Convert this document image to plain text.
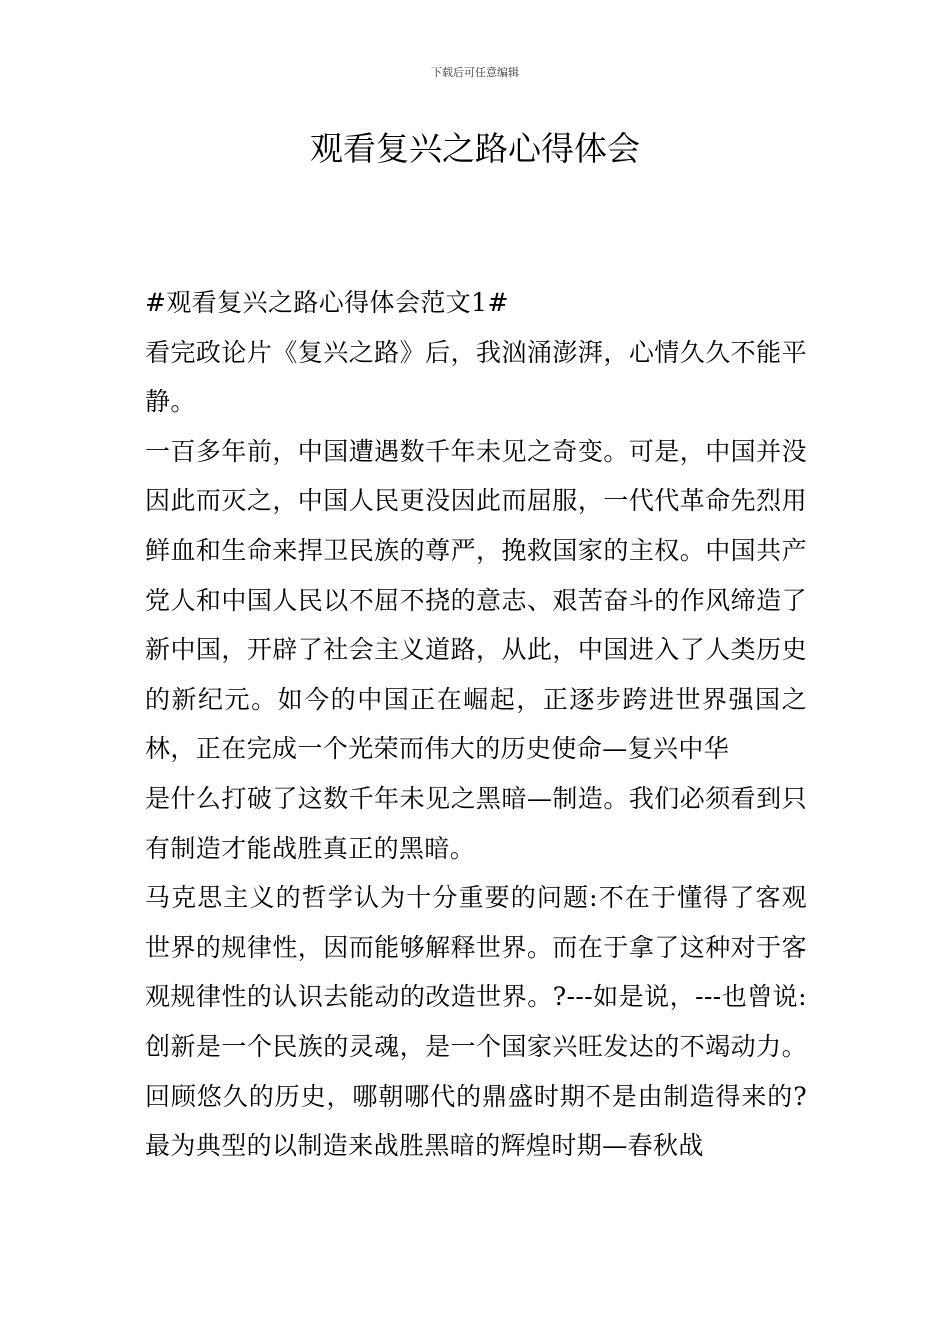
下载后可任意编辑
观看复兴之路心得体会

#观看复兴之路心得体会范文1#

看完政论片《复兴之路》后，我汹涌澎湃，心情久久不能平静。

一百多年前，中国遭遇数千年未见之奇变。可是，中国并没因此而灭之，中国人民更没因此而屈服，一代代革命先烈用鲜血和生命来捍卫民族的尊严，挽救国家的主权。中国共产党人和中国人民以不屈不挠的意志、艰苦奋斗的作风缔造了新中国，开辟了社会主义道路，从此，中国进入了人类历史的新纪元。如今的中国正在崛起，正逐步跨进世界强国之林，正在完成一个光荣而伟大的历史使命—复兴中华

是什么打破了这数千年未见之黑暗—制造。我们必须看到只有制造才能战胜真正的黑暗。

马克思主义的哲学认为十分重要的问题:不在于懂得了客观世界的规律性，因而能够解释世界。而在于拿了这种对于客观规律性的认识去能动的改造世界。?---如是说，---也曾说:创新是一个民族的灵魂，是一个国家兴旺发达的不竭动力。回顾悠久的历史，哪朝哪代的鼎盛时期不是由制造得来的?最为典型的以制造来战胜黑暗的辉煌时期—春秋战
